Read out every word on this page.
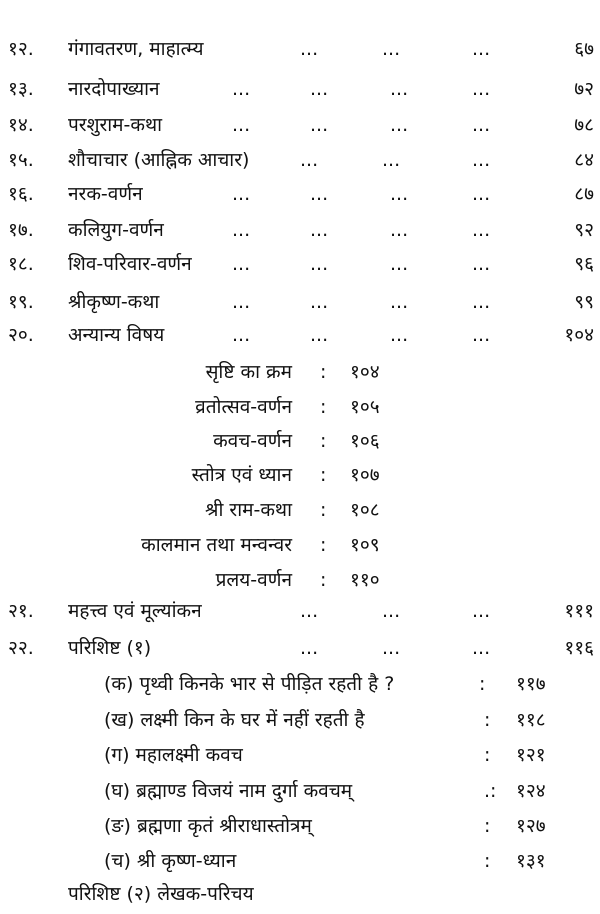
१२. गंगावतरण, माहात्म्य	...	...	...	६७
१३. नारदोपाख्यान	...	...	...	...	७२
१४. परशुराम-कथा	...	...	...	...	७८
१५. शौचाचार (आह्निक आचार)	...	...	...	८४
१६. नरक-वर्णन	...	...	...	...	८७
१७. कलियुग-वर्णन	...	...	...	...	९२
१८. शिव-परिवार-वर्णन ...	...	...	...	९६
१९. श्रीकृष्ण-कथा	...	...	...	...	९९
२०. अन्यान्य विषय	...	...	...	...	१०४
सृष्टि का क्रम : १०४
व्रतोत्सव-वर्णन : १०५
कवच-वर्णन : १०६
स्तोत्र एवं ध्यान : १०७
श्री राम-कथा : १०८
कालमान तथा मन्वन्वर : १०९
प्रलय-वर्णन : ११०
२१. महत्त्व एवं मूल्यांकन	...	...	...	१११
२२. परिशिष्ट (१)	...	...	...	११६
(क) पृथ्वी किनके भार से पीड़ित रहती है ?	: ११७
(ख) लक्ष्मी किन के घर में नहीं रहती है	: ११८
(ग) महालक्ष्मी कवच	: १२१
(घ) ब्रह्माण्ड विजयं नाम दुर्गा कवचम्	.: १२४
(ङ) ब्रह्मणा कृतं श्रीराधास्तोत्रम्	: १२७
(च) श्री कृष्ण-ध्यान	: १३१
परिशिष्ट (२) लेखक-परिचय
